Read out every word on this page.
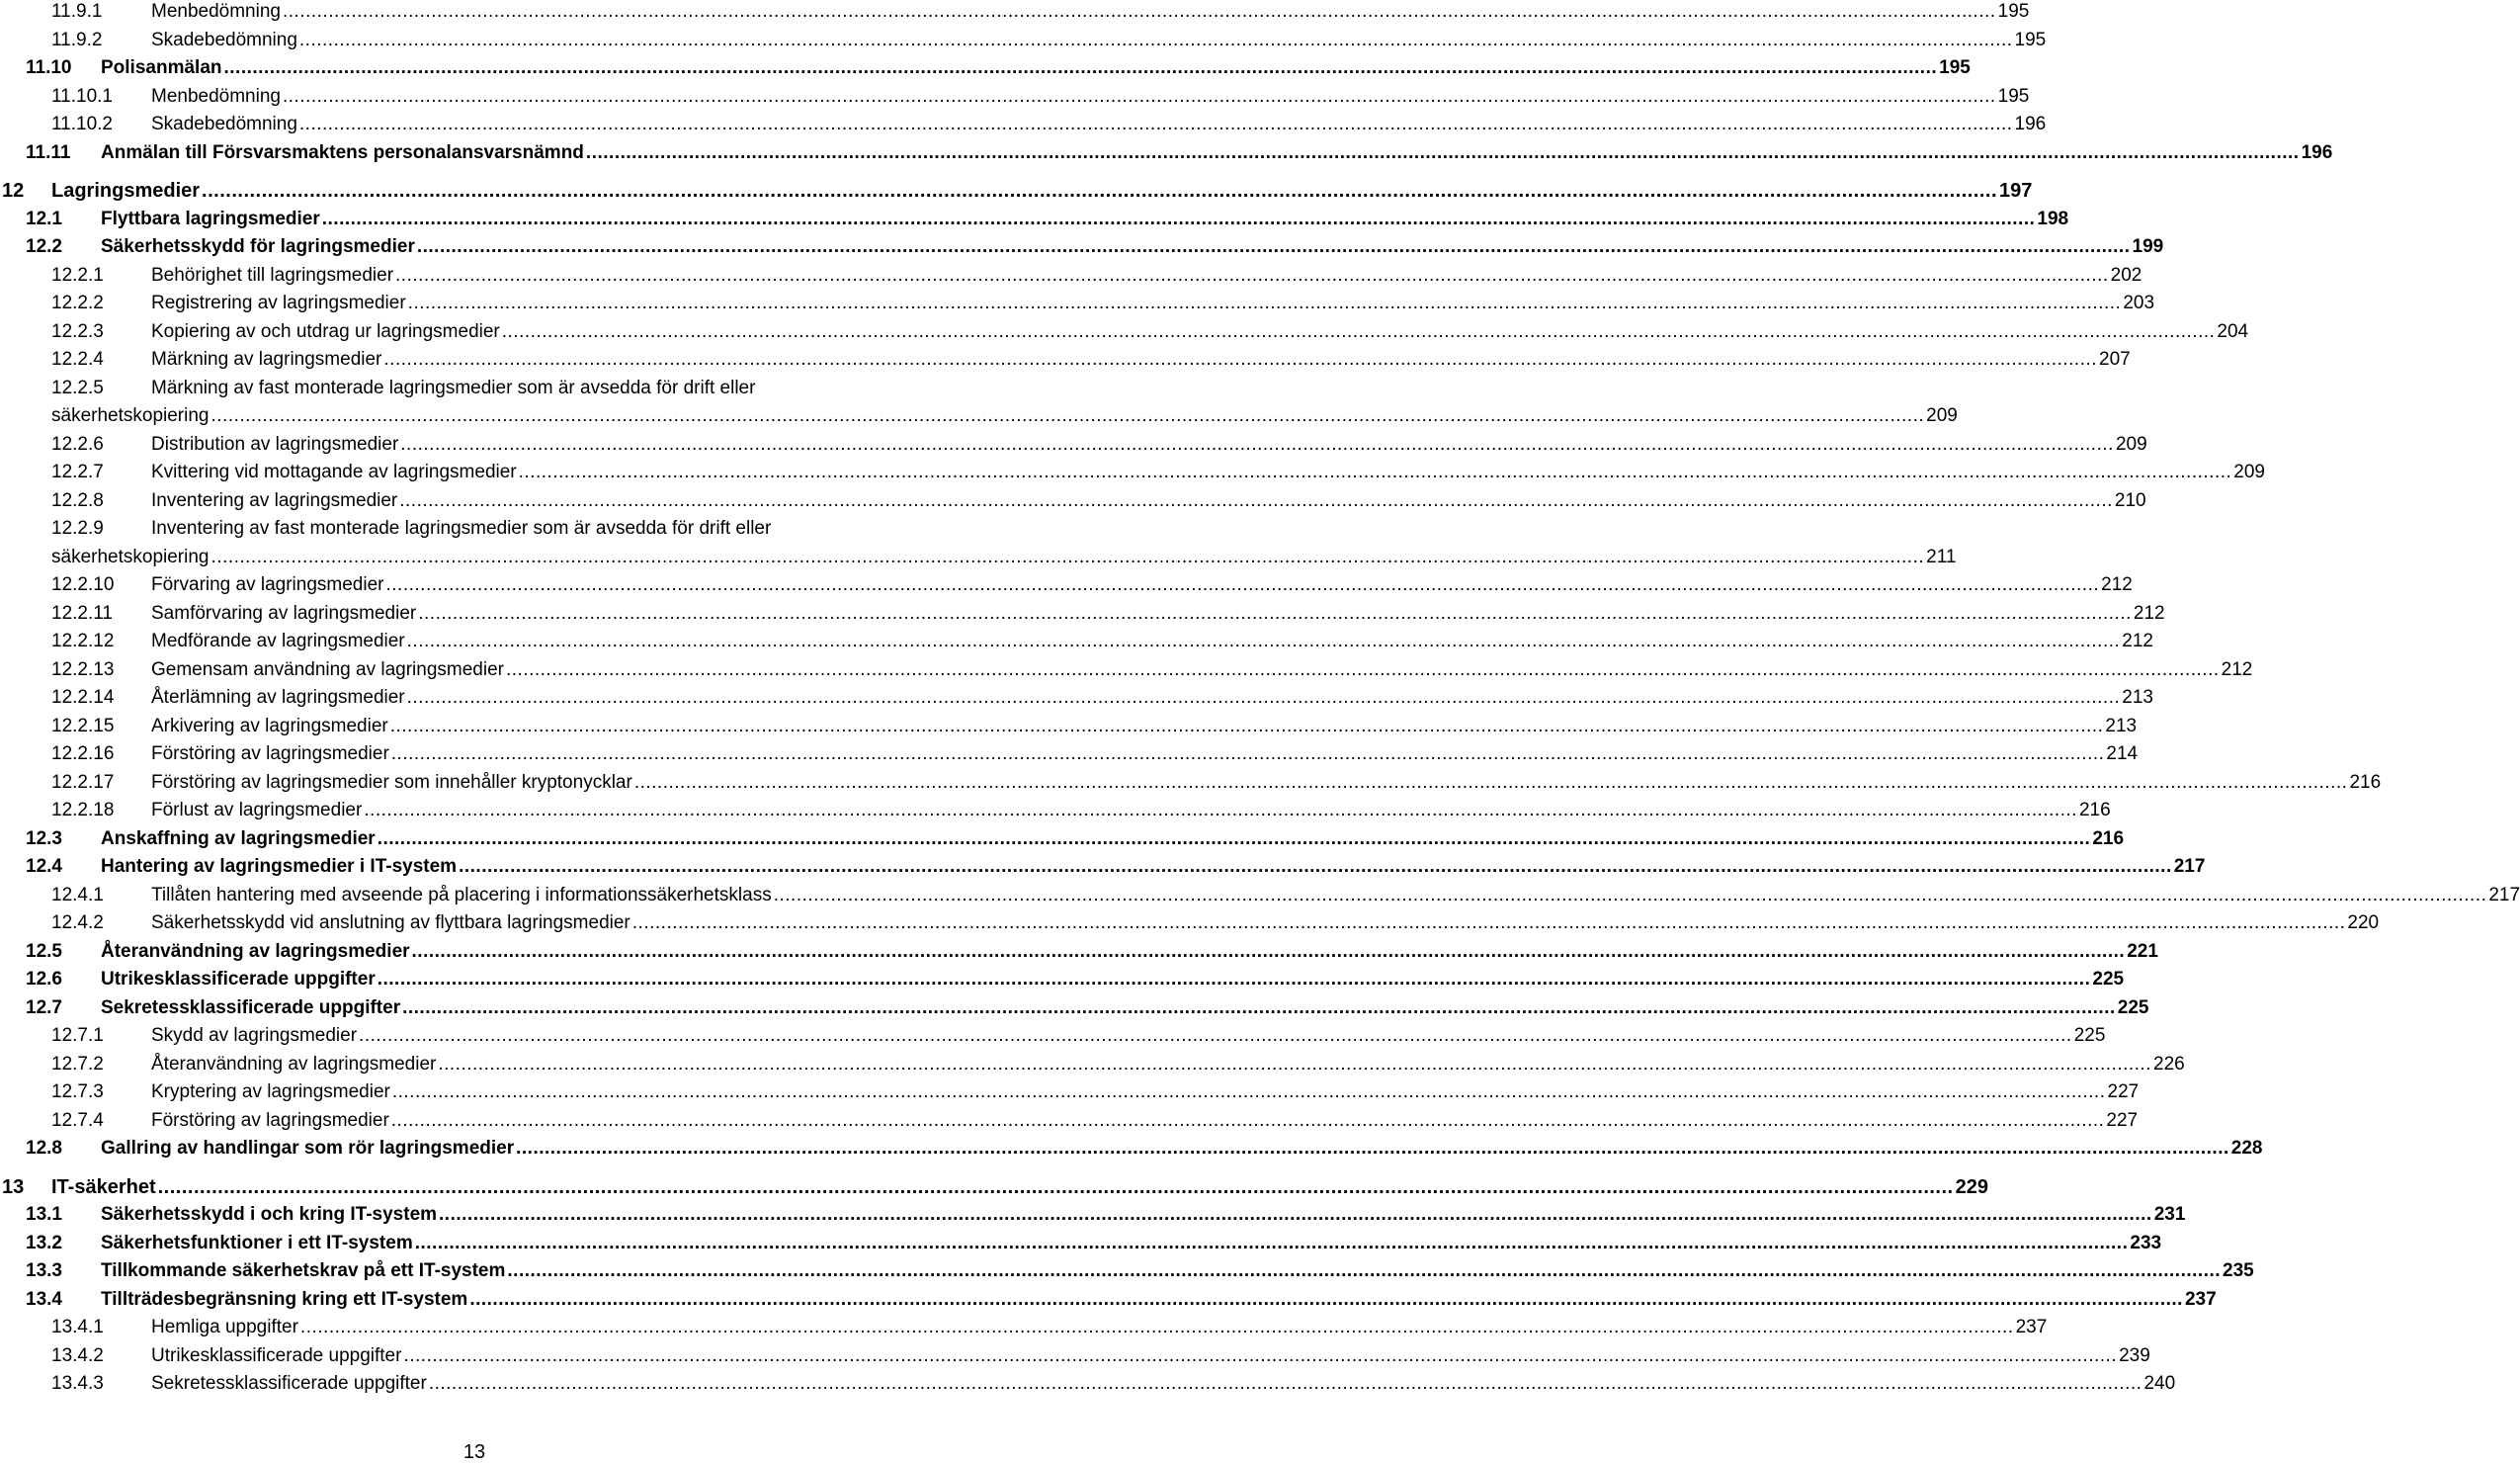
11.9.1	Menbedömning ............................................................................................................................................................................................................................................................................................................ 195
11.9.2	Skadebedömning ............................................................................................................................................................................................................................................................................................................ 195
11.10 Polisanmälan ............................................................................................................................................................................................................................................................................................................ 195
11.10.1 Menbedömning ............................................................................................................................................................................................................................................................................................................ 195
11.10.2 Skadebedömning ............................................................................................................................................................................................................................................................................................................ 196
11.11 Anmälan till Försvarsmaktens personalansvarsnämnd ............................................................................................................................................................................................................................................................................................................ 196
12 Lagringsmedier ............................................................................................................................................................................................................................................................................................................ 197
12.1 Flyttbara lagringsmedier ............................................................................................................................................................................................................................................................................................................ 198
12.2 Säkerhetsskydd för lagringsmedier ............................................................................................................................................................................................................................................................................................................ 199
12.2.1	Behörighet till lagringsmedier ............................................................................................................................................................................................................................................................................................................ 202
12.2.2	Registrering av lagringsmedier ............................................................................................................................................................................................................................................................................................................ 203
12.2.3	Kopiering av och utdrag ur lagringsmedier ............................................................................................................................................................................................................................................................................................................ 204
12.2.4	Märkning av lagringsmedier ............................................................................................................................................................................................................................................................................................................ 207
12.2.5	Märkning av fast monterade lagringsmedier som är avsedda för drift eller
säkerhetskopiering ............................................................................................................................................................................................................................................................................................................ 209
12.2.6	Distribution av lagringsmedier ............................................................................................................................................................................................................................................................................................................ 209
12.2.7	Kvittering vid mottagande av lagringsmedier ............................................................................................................................................................................................................................................................................................................ 209
12.2.8	Inventering av lagringsmedier ............................................................................................................................................................................................................................................................................................................ 210
12.2.9	Inventering av fast monterade lagringsmedier som är avsedda för drift eller
säkerhetskopiering ............................................................................................................................................................................................................................................................................................................ 211
12.2.10 Förvaring av lagringsmedier ............................................................................................................................................................................................................................................................................................................ 212
12.2.11 Samförvaring av lagringsmedier ............................................................................................................................................................................................................................................................................................................ 212
12.2.12 Medförande av lagringsmedier ............................................................................................................................................................................................................................................................................................................ 212
12.2.13 Gemensam användning av lagringsmedier ............................................................................................................................................................................................................................................................................................................ 212
12.2.14 Återlämning av lagringsmedier ............................................................................................................................................................................................................................................................................................................ 213
12.2.15 Arkivering av lagringsmedier ............................................................................................................................................................................................................................................................................................................ 213
12.2.16 Förstöring av lagringsmedier ............................................................................................................................................................................................................................................................................................................ 214
12.2.17 Förstöring av lagringsmedier som innehåller kryptonycklar ............................................................................................................................................................................................................................................................................................................ 216
12.2.18 Förlust av lagringsmedier ............................................................................................................................................................................................................................................................................................................ 216
12.3 Anskaffning av lagringsmedier ............................................................................................................................................................................................................................................................................................................ 216
12.4 Hantering av lagringsmedier i IT-system ............................................................................................................................................................................................................................................................................................................ 217
12.4.1	Tillåten hantering med avseende på placering i informationssäkerhetsklass ............................................................................................................................................................................................................................................................................................................ 217
12.4.2	Säkerhetsskydd vid anslutning av flyttbara lagringsmedier ............................................................................................................................................................................................................................................................................................................ 220
12.5 Återanvändning av lagringsmedier ............................................................................................................................................................................................................................................................................................................ 221
12.6 Utrikesklassificerade uppgifter ............................................................................................................................................................................................................................................................................................................ 225
12.7 Sekretessklassificerade uppgifter ............................................................................................................................................................................................................................................................................................................ 225
12.7.1	Skydd av lagringsmedier ............................................................................................................................................................................................................................................................................................................ 225
12.7.2	Återanvändning av lagringsmedier ............................................................................................................................................................................................................................................................................................................ 226
12.7.3	Kryptering av lagringsmedier ............................................................................................................................................................................................................................................................................................................ 227
12.7.4	Förstöring av lagringsmedier ............................................................................................................................................................................................................................................................................................................ 227
12.8 Gallring av handlingar som rör lagringsmedier ............................................................................................................................................................................................................................................................................................................ 228
13 IT-säkerhet ............................................................................................................................................................................................................................................................................................................ 229
13.1 Säkerhetsskydd i och kring IT-system ............................................................................................................................................................................................................................................................................................................ 231
13.2 Säkerhetsfunktioner i ett IT-system ............................................................................................................................................................................................................................................................................................................ 233
13.3 Tillkommande säkerhetskrav på ett IT-system ............................................................................................................................................................................................................................................................................................................ 235
13.4 Tillträdesbegränsning kring ett IT-system ............................................................................................................................................................................................................................................................................................................ 237
13.4.1	Hemliga uppgifter ............................................................................................................................................................................................................................................................................................................ 237
13.4.2	Utrikesklassificerade uppgifter ............................................................................................................................................................................................................................................................................................................ 239
13.4.3	Sekretessklassificerade uppgifter ............................................................................................................................................................................................................................................................................................................ 240
13
